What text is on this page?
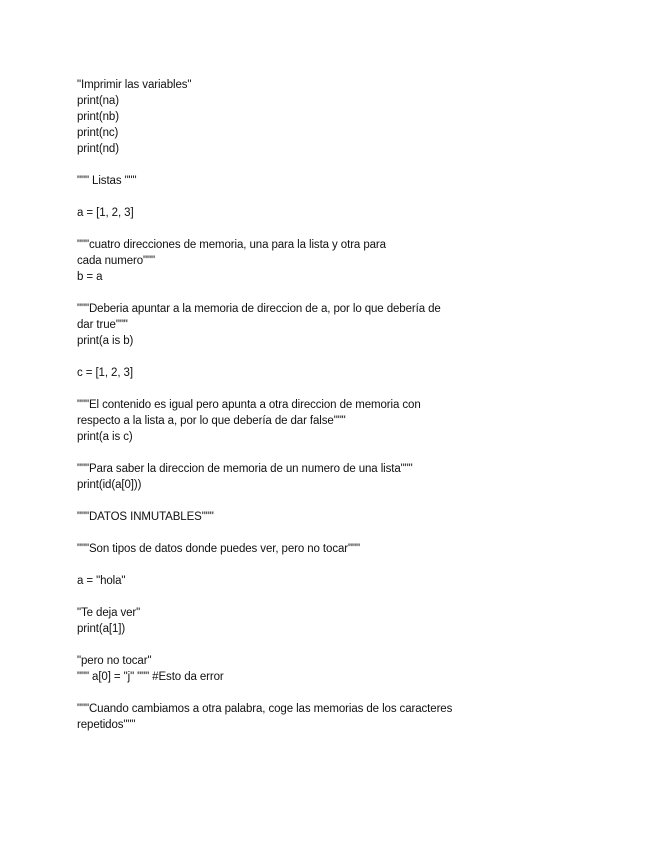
"Imprimir las variables"
print(na)
print(nb)
print(nc)
print(nd)
""" Listas """
a = [1, 2, 3]
"""cuatro direcciones de memoria, una para la lista y otra para
cada numero"""
b = a
"""Deberia apuntar a la memoria de direccion de a, por lo que debería de
dar true"""
print(a is b)
c = [1, 2, 3]
"""El contenido es igual pero apunta a otra direccion de memoria con
respecto a la lista a, por lo que debería de dar false"""
print(a is c)
"""Para saber la direccion de memoria de un numero de una lista"""
print(id(a[0]))
"""DATOS INMUTABLES"""
"""Son tipos de datos donde puedes ver, pero no tocar"""
a = "hola"
"Te deja ver"
print(a[1])
"pero no tocar"
""" a[0] = "j" """ #Esto da error
"""Cuando cambiamos a otra palabra, coge las memorias de los caracteres
repetidos"""
